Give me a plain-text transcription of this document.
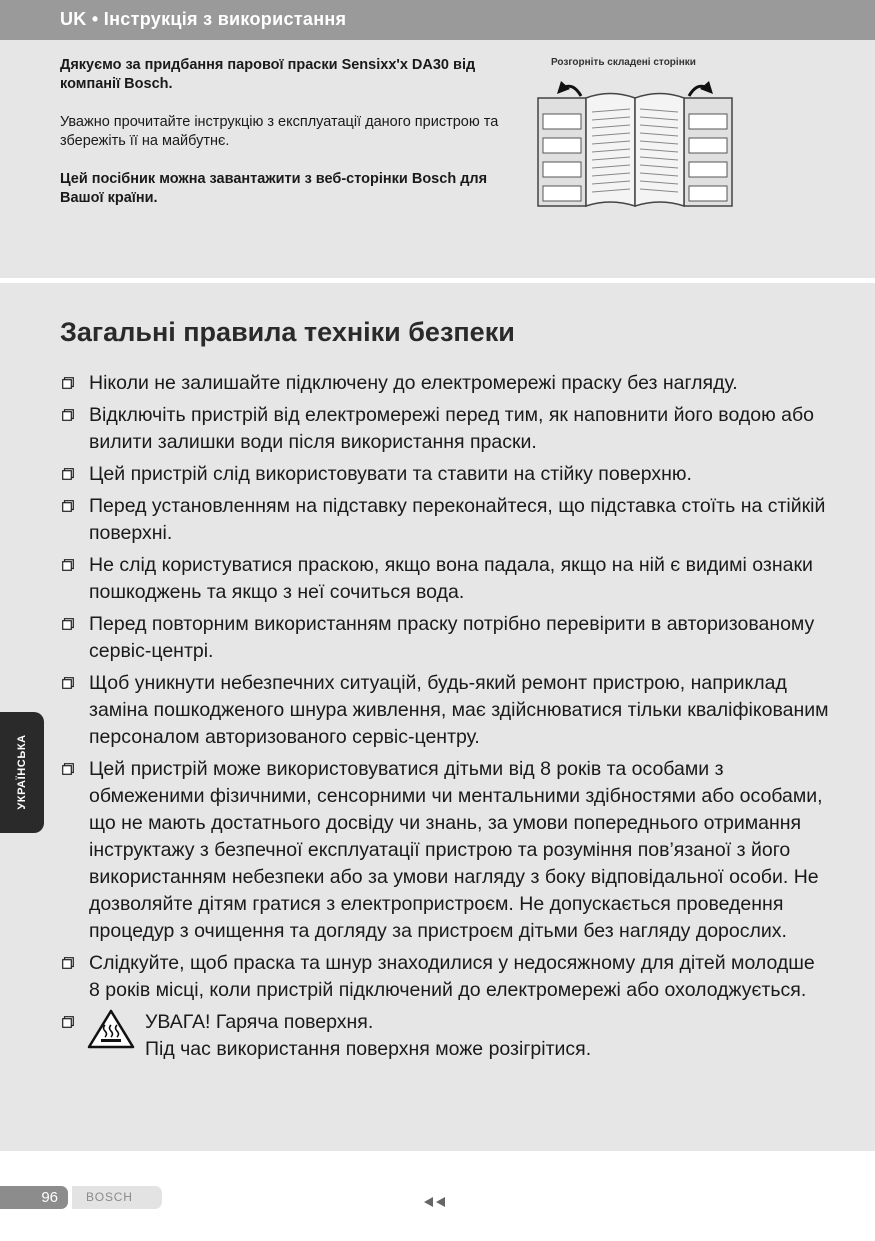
UK • Інструкція з використання

Дякуємо за придбання парової праски Sensixx'x DA30 від компанії Bosch.

Уважно прочитайте інструкцію з експлуатації даного пристрою та збережіть її на майбутнє.

Цей посібник можна завантажити з веб-сторінки Bosch для Вашої країни.

Розгорніть складені сторінки
Загальні правила техніки безпеки
Ніколи не залишайте підключену до електромережі праску без нагляду.
Відключіть пристрій від електромережі перед тим, як наповнити його водою або вилити залишки води після використання праски.
Цей пристрій слід використовувати та ставити на стійку поверхню.
Перед установленням на підставку переконайтеся, що підставка стоїть на стійкій поверхні.
Не слід користуватися праскою, якщо вона падала, якщо на ній є видимі ознаки пошкоджень та якщо з неї сочиться вода.
Перед повторним використанням праску потрібно перевірити в авторизованому сервіс-центрі.
Щоб уникнути небезпечних ситуацій, будь-який ремонт пристрою, наприклад заміна пошкодженого шнура живлення, має здійснюватися тільки кваліфікованим персоналом авторизованого сервіс-центру.
Цей пристрій може використовуватися дітьми від 8 років та особами з обмеженими фізичними, сенсорними чи ментальними здібностями або особами, що не мають достатнього досвіду чи знань, за умови попереднього отримання інструктажу з безпечної експлуатації пристрою та розуміння пов’язаної з його використанням небезпеки або за умови нагляду з боку відповідальної особи. Не дозволяйте дітям гратися з електропристроєм. Не допускається проведення процедур з очищення та догляду за пристроєм дітьми без нагляду дорослих.
Слідкуйте, щоб праска та шнур знаходилися у недосяжному для дітей молодше 8 років місці, коли пристрій підключений до електромережі або охолоджується.
УВАГА! Гаряча поверхня.
Під час використання поверхня може розігрітися.
УКРАЇНСЬКА
96	BOSCH
